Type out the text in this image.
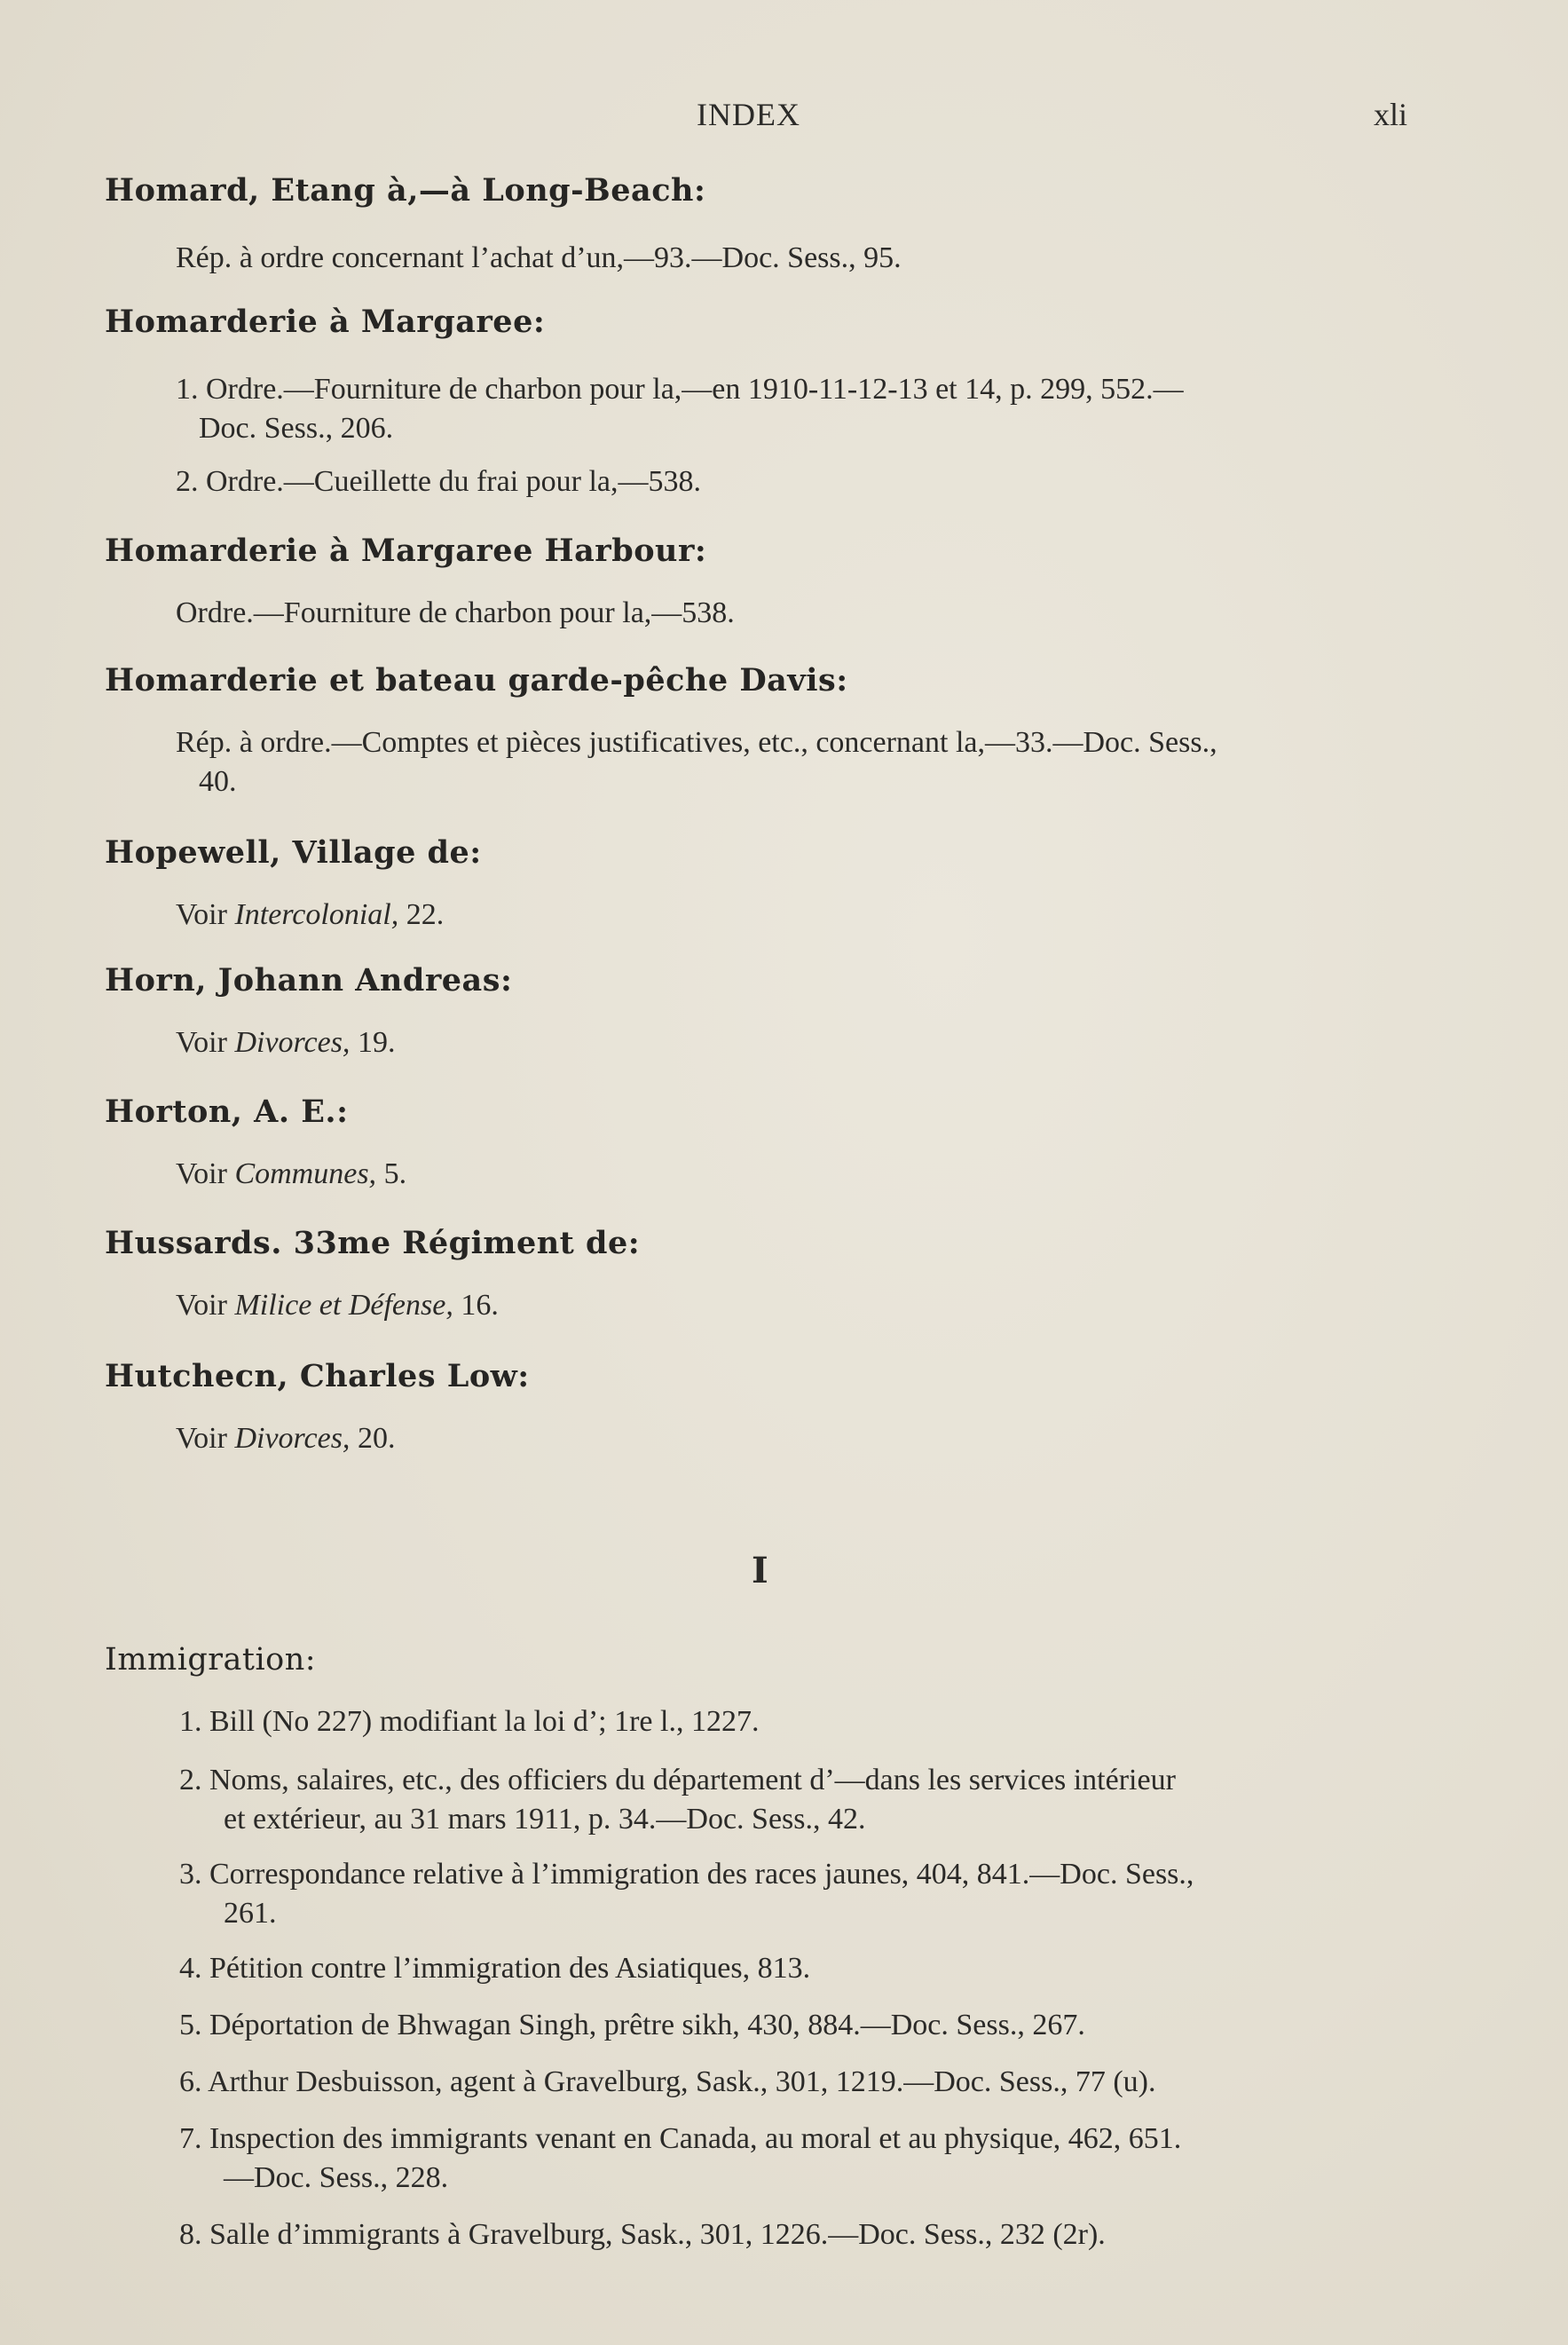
INDEX	xli
Homard, Etang à,—à Long-Beach:
Rép. à ordre concernant l’achat d’un,—93.—Doc. Sess., 95.
Homarderie à Margaree:
1. Ordre.—Fourniture de charbon pour la,—en 1910-11-12-13 et 14, p. 299, 552.—
Doc. Sess., 206.
2. Ordre.—Cueillette du frai pour la,—538.
Homarderie à Margaree Harbour:
Ordre.—Fourniture de charbon pour la,—538.
Homarderie et bateau garde-pêche Davis:
Rép. à ordre.—Comptes et pièces justificatives, etc., concernant la,—33.—Doc. Sess.,
40.
Hopewell, Village de:
Voir Intercolonial, 22.
Horn, Johann Andreas:
Voir Divorces, 19.
Horton, A. E.:
Voir Communes, 5.
Hussards. 33me Régiment de:
Voir Milice et Défense, 16.
Hutchecn, Charles Low:
Voir Divorces, 20.
I
Immigration:
1. Bill (No 227) modifiant la loi d’; 1re l., 1227.
2. Noms, salaires, etc., des officiers du département d’—dans les services intérieur
et extérieur, au 31 mars 1911, p. 34.—Doc. Sess., 42.
3. Correspondance relative à l’immigration des races jaunes, 404, 841.—Doc. Sess.,
261.
4. Pétition contre l’immigration des Asiatiques, 813.
5. Déportation de Bhwagan Singh, prêtre sikh, 430, 884.—Doc. Sess., 267.
6. Arthur Desbuisson, agent à Gravelburg, Sask., 301, 1219.—Doc. Sess., 77 (u).
7. Inspection des immigrants venant en Canada, au moral et au physique, 462, 651.
—Doc. Sess., 228.
8. Salle d’immigrants à Gravelburg, Sask., 301, 1226.—Doc. Sess., 232 (2r).
